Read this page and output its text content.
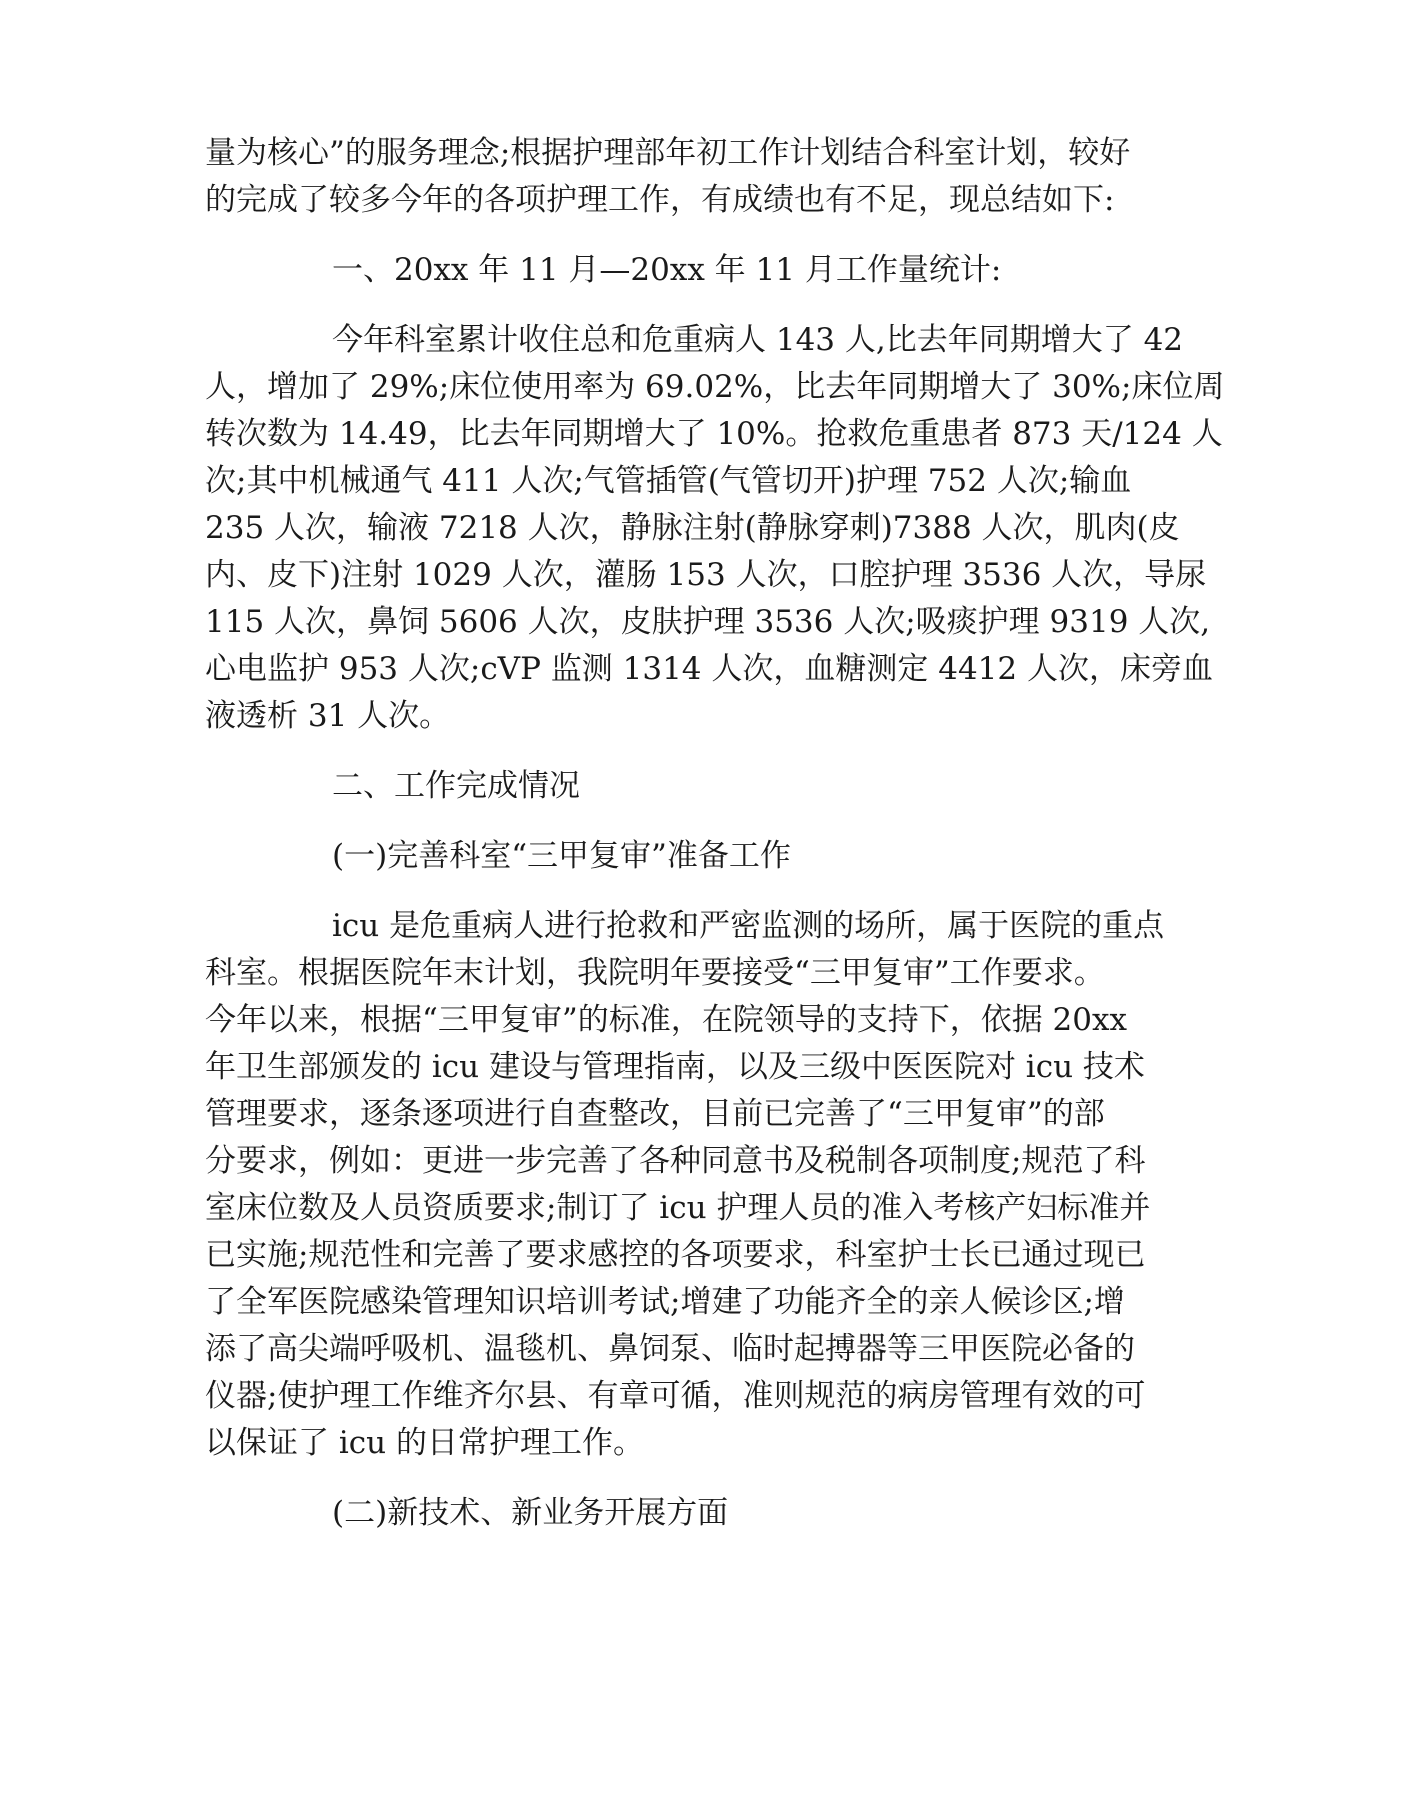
量为核心”的服务理念;根据护理部年初工作计划结合科室计划，较好
的完成了较多今年的各项护理工作，有成绩也有不足，现总结如下:

一、20xx 年 11 月—20xx 年 11 月工作量统计:

今年科室累计收住总和危重病人 143 人,比去年同期增大了 42
人，增加了 29%;床位使用率为 69.02%，比去年同期增大了 30%;床位周
转次数为 14.49，比去年同期增大了 10%。抢救危重患者 873 天/124 人
次;其中机械通气 411 人次;气管插管(气管切开)护理 752 人次;输血
235 人次，输液 7218 人次，静脉注射(静脉穿刺)7388 人次，肌肉(皮
内、皮下)注射 1029 人次，灌肠 153 人次，口腔护理 3536 人次，导尿
115 人次，鼻饲 5606 人次，皮肤护理 3536 人次;吸痰护理 9319 人次,
心电监护 953 人次;cVP 监测 1314 人次，血糖测定 4412 人次，床旁血
液透析 31 人次。

二、工作完成情况

(一)完善科室“三甲复审”准备工作

icu 是危重病人进行抢救和严密监测的场所，属于医院的重点
科室。根据医院年末计划，我院明年要接受“三甲复审”工作要求。
今年以来，根据“三甲复审”的标准，在院领导的支持下，依据 20xx
年卫生部颁发的 icu 建设与管理指南，以及三级中医医院对 icu 技术
管理要求，逐条逐项进行自查整改，目前已完善了“三甲复审”的部
分要求，例如：更进一步完善了各种同意书及税制各项制度;规范了科
室床位数及人员资质要求;制订了 icu 护理人员的准入考核产妇标准并
已实施;规范性和完善了要求感控的各项要求，科室护士长已通过现已
了全军医院感染管理知识培训考试;增建了功能齐全的亲人候诊区;增
添了高尖端呼吸机、温毯机、鼻饲泵、临时起搏器等三甲医院必备的
仪器;使护理工作维齐尔县、有章可循，准则规范的病房管理有效的可
以保证了 icu 的日常护理工作。

(二)新技术、新业务开展方面
